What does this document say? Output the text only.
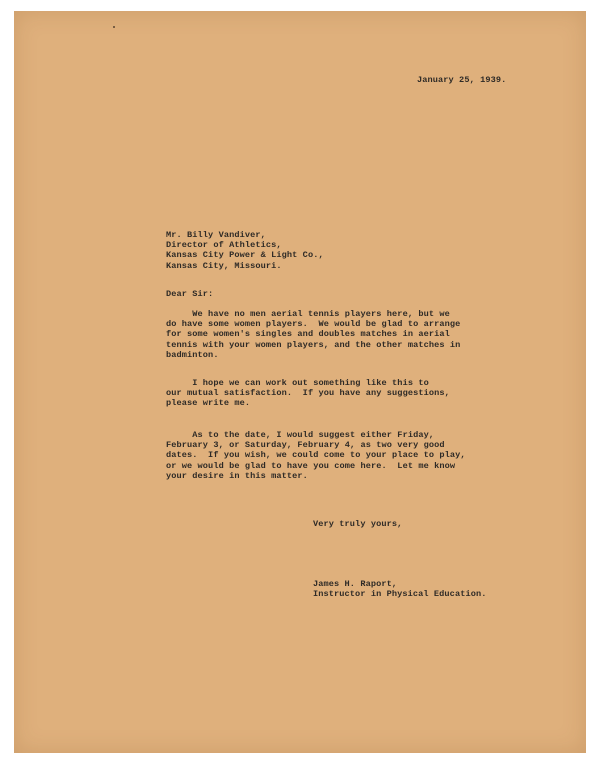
January 25, 1939.
Mr. Billy Vandiver,
Director of Athletics,
Kansas City Power & Light Co.,
Kansas City, Missouri.
Dear Sir:
We have no men aerial tennis players here, but we
do have some women players.  We would be glad to arrange
for some women's singles and doubles matches in aerial
tennis with your women players, and the other matches in
badminton.
I hope we can work out something like this to
our mutual satisfaction.  If you have any suggestions,
please write me.
As to the date, I would suggest either Friday,
February 3, or Saturday, February 4, as two very good
dates.  If you wish, we could come to your place to play,
or we would be glad to have you come here.  Let me know
your desire in this matter.
Very truly yours,
James H. Raport,
Instructor in Physical Education.
